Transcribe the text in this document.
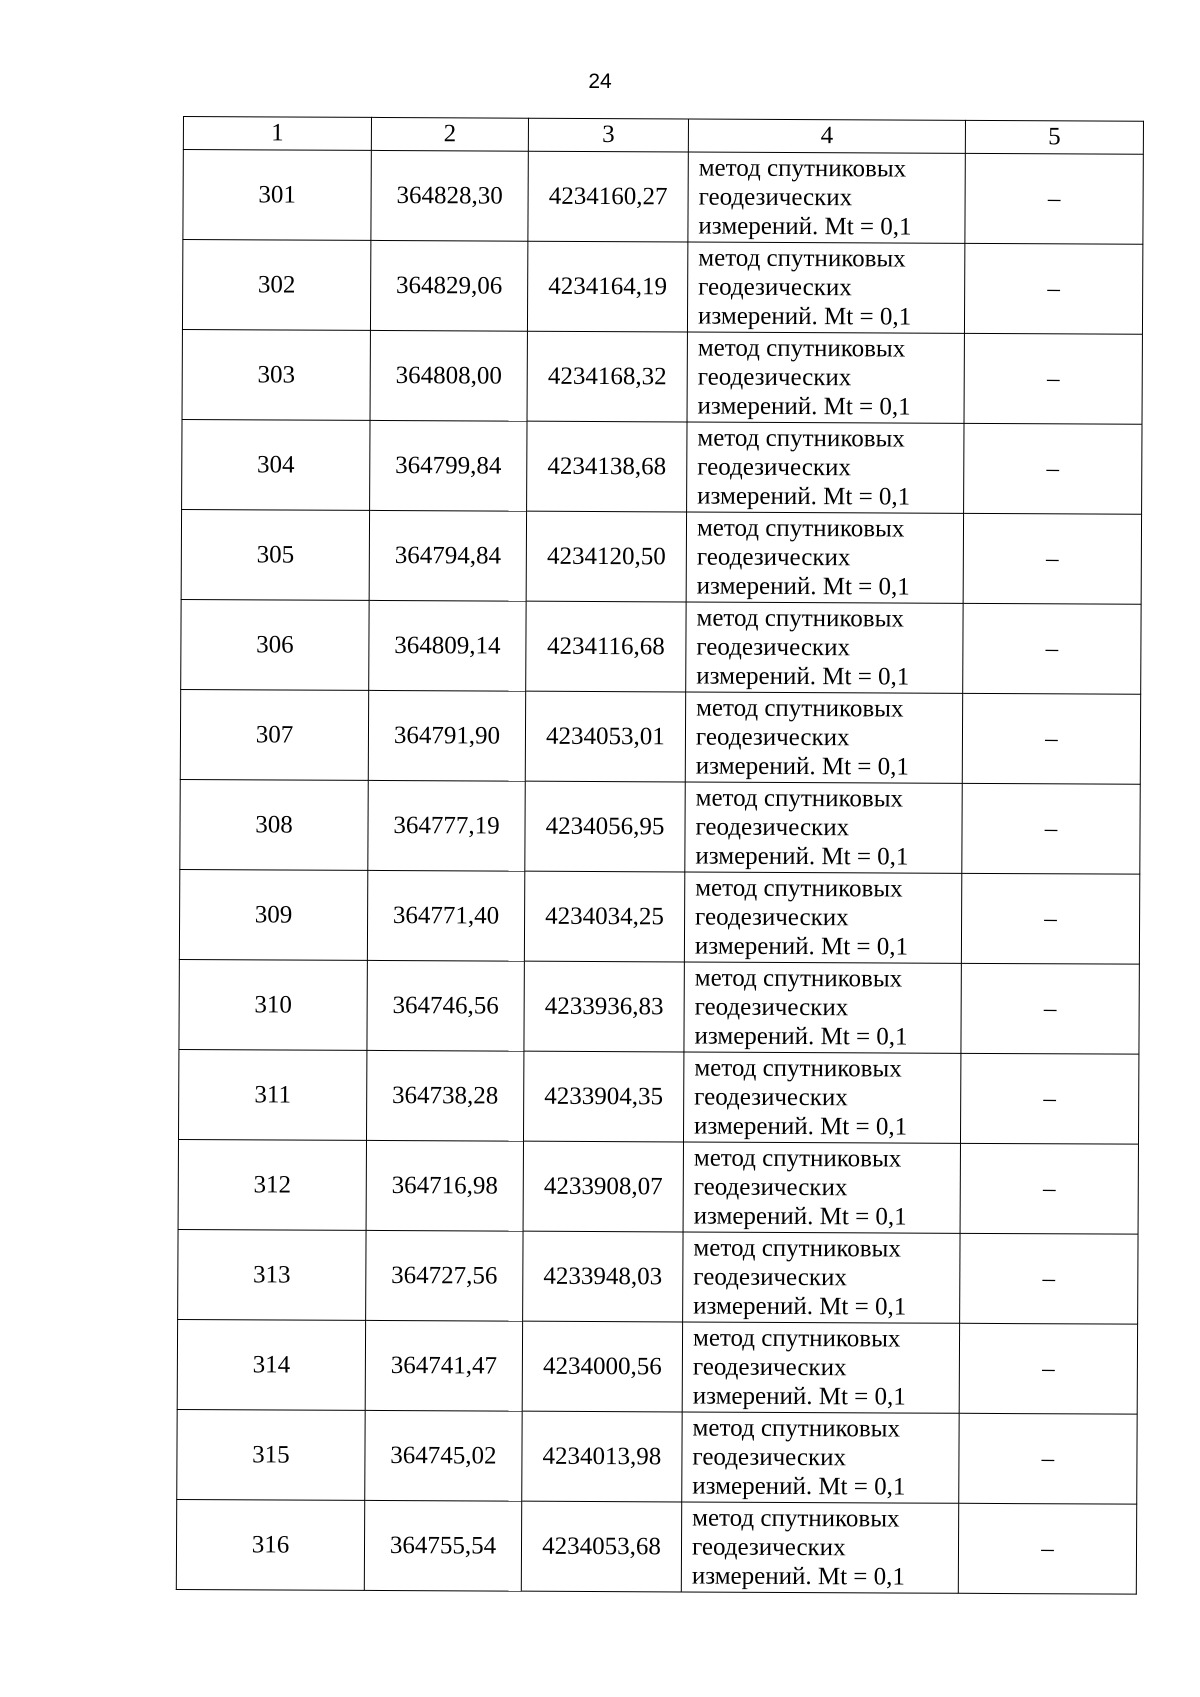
24
1	2	3	4	5
301	364828,30	4234160,27	метод спутниковых
геодезических
измерений. Mt = 0,1	–
302	364829,06	4234164,19	метод спутниковых
геодезических
измерений. Mt = 0,1	–
303	364808,00	4234168,32	метод спутниковых
геодезических
измерений. Mt = 0,1	–
304	364799,84	4234138,68	метод спутниковых
геодезических
измерений. Mt = 0,1	–
305	364794,84	4234120,50	метод спутниковых
геодезических
измерений. Mt = 0,1	–
306	364809,14	4234116,68	метод спутниковых
геодезических
измерений. Mt = 0,1	–
307	364791,90	4234053,01	метод спутниковых
геодезических
измерений. Mt = 0,1	–
308	364777,19	4234056,95	метод спутниковых
геодезических
измерений. Mt = 0,1	–
309	364771,40	4234034,25	метод спутниковых
геодезических
измерений. Mt = 0,1	–
310	364746,56	4233936,83	метод спутниковых
геодезических
измерений. Mt = 0,1	–
311	364738,28	4233904,35	метод спутниковых
геодезических
измерений. Mt = 0,1	–
312	364716,98	4233908,07	метод спутниковых
геодезических
измерений. Mt = 0,1	–
313	364727,56	4233948,03	метод спутниковых
геодезических
измерений. Mt = 0,1	–
314	364741,47	4234000,56	метод спутниковых
геодезических
измерений. Mt = 0,1	–
315	364745,02	4234013,98	метод спутниковых
геодезических
измерений. Mt = 0,1	–
316	364755,54	4234053,68	метод спутниковых
геодезических
измерений. Mt = 0,1	–
